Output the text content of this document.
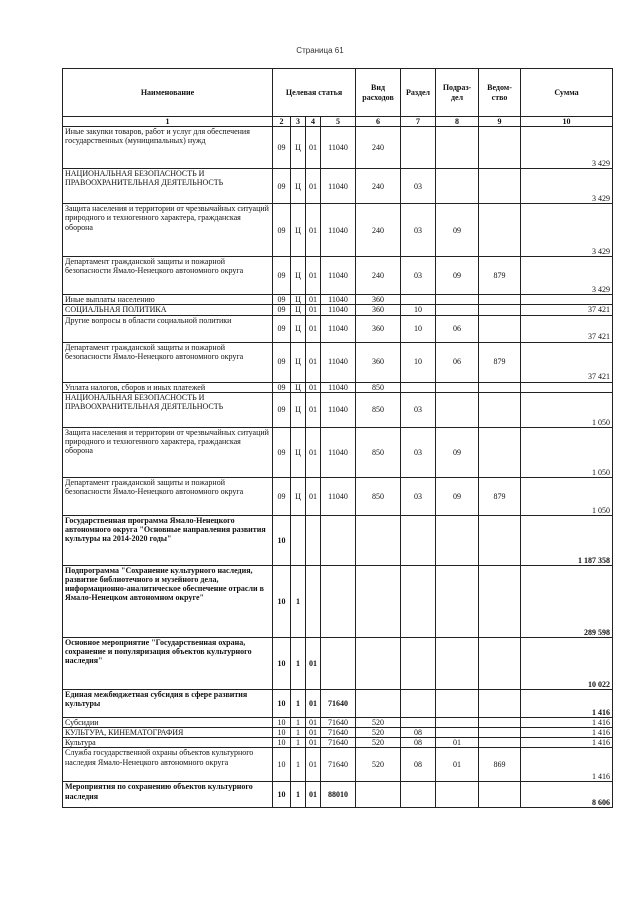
Страница 61
Наименование	Целевая статья				Вид расходов	Раздел	Подраз-дел	Ведом-ство	Сумма
1	2	3	4	5	6	7	8	9	10
Иные закупки товаров, работ и услуг для обеспечения государственных (муниципальных) нужд	09	Ц	01	11040	240				3 429
НАЦИОНАЛЬНАЯ БЕЗОПАСНОСТЬ И ПРАВООХРАНИТЕЛЬНАЯ ДЕЯТЕЛЬНОСТЬ	09	Ц	01	11040	240	03			3 429
Защита населения и территории от чрезвычайных ситуаций природного и техногенного характера, гражданская оборона	09	Ц	01	11040	240	03	09		3 429
Департамент гражданской защиты и пожарной безопасности Ямало-Ненецкого автономного округа	09	Ц	01	11040	240	03	09	879	3 429
Иные выплаты населению	09	Ц	01	11040	360				
СОЦИАЛЬНАЯ ПОЛИТИКА	09	Ц	01	11040	360	10			37 421
Другие вопросы в области социальной политики	09	Ц	01	11040	360	10	06		37 421
Департамент гражданской защиты и пожарной безопасности Ямало-Ненецкого автономного округа	09	Ц	01	11040	360	10	06	879	37 421
Уплата налогов, сборов и иных платежей	09	Ц	01	11040	850				
НАЦИОНАЛЬНАЯ БЕЗОПАСНОСТЬ И ПРАВООХРАНИТЕЛЬНАЯ ДЕЯТЕЛЬНОСТЬ	09	Ц	01	11040	850	03			1 050
Защита населения и территории от чрезвычайных ситуаций природного и техногенного характера, гражданская оборона	09	Ц	01	11040	850	03	09		1 050
Департамент гражданской защиты и пожарной безопасности Ямало-Ненецкого автономного округа	09	Ц	01	11040	850	03	09	879	1 050
Государственная программа Ямало-Ненецкого автономного округа "Основные направления развития культуры на 2014-2020 годы"	10								1 187 358
Подпрограмма "Сохранение культурного наследия, развитие библиотечного и музейного дела, информационно-аналитическое обеспечение отрасли в Ямало-Ненецком автономном округе"	10	1							289 598
Основное мероприятие "Государственная охрана, сохранение и популяризация объектов культурного наследия"	10	1	01						10 022
Единая межбюджетная субсидия в сфере развития культуры	10	1	01	71640					1 416
Субсидии	10	1	01	71640	520				1 416
КУЛЬТУРА, КИНЕМАТОГРАФИЯ	10	1	01	71640	520	08			1 416
Культура	10	1	01	71640	520	08	01		1 416
Служба государственной охраны объектов культурного наследия Ямало-Ненецкого автономного округа	10	1	01	71640	520	08	01	869	1 416
Мероприятия по сохранению объектов культурного наследия	10	1	01	88010					8 606
